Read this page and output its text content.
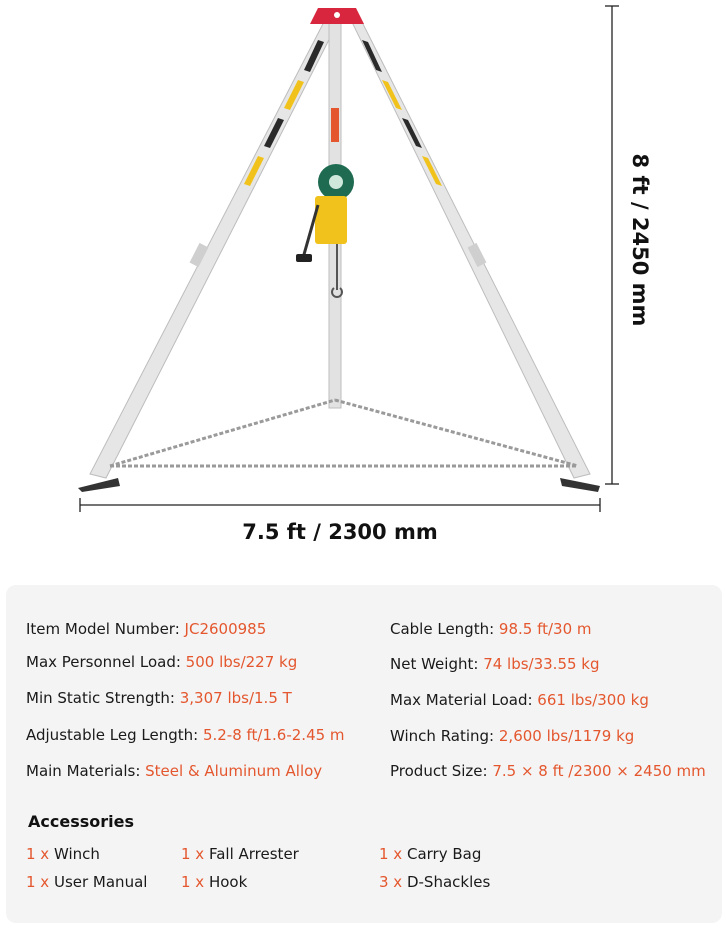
7.5 ft / 2300 mm
8 ft / 2450 mm
Item Model Number: JC2600985
Max Personnel Load: 500 lbs/227 kg
Min Static Strength: 3,307 lbs/1.5 T
Adjustable Leg Length: 5.2-8 ft/1.6-2.45 m
Main Materials: Steel & Aluminum Alloy
Cable Length: 98.5 ft/30 m
Net Weight: 74 lbs/33.55 kg
Max Material Load: 661 lbs/300 kg
Winch Rating: 2,600 lbs/1179 kg
Product Size: 7.5 × 8 ft /2300 × 2450 mm
Accessories
1 x Winch	1 x Fall Arrester	1 x Carry Bag
1 x User Manual 1 x Hook	3 x D-Shackles
